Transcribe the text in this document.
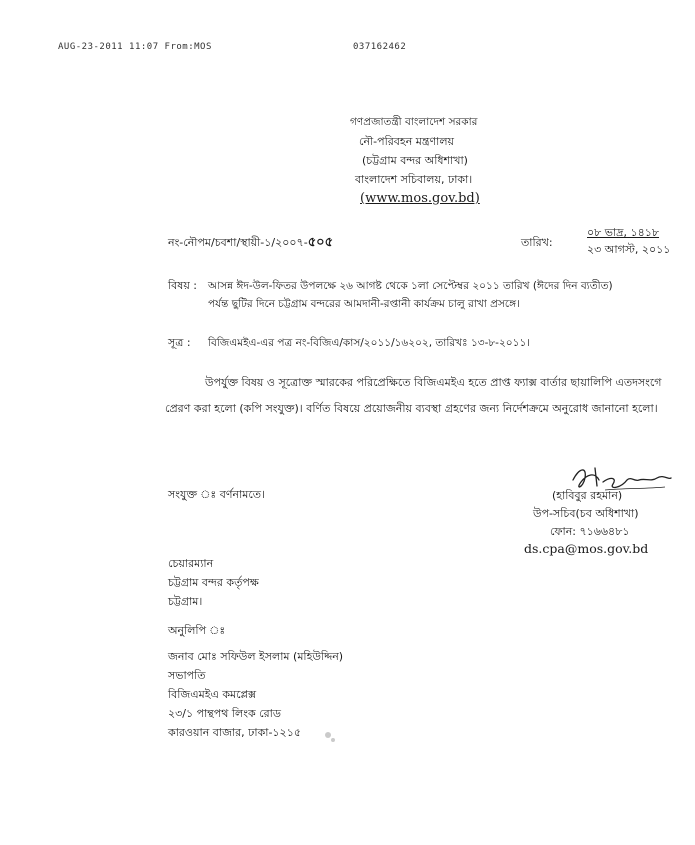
AUG-23-2011 11:07 From:MOS	037162462
গণপ্রজাতন্ত্রী বাংলাদেশ সরকার
নৌ-পরিবহন মন্ত্রণালয়
(চট্টগ্রাম বন্দর অধিশাখা)
বাংলাদেশ সচিবালয়, ঢাকা।
(www.mos.gov.bd)
নং-নৌপম/চবশা/স্থায়ী-১/২০০৭-৫০৫	তারিখ:
০৮ ভাদ্র, ১৪১৮
২৩ আগস্ট, ২০১১
বিষয় : আসন্ন ঈদ-উল-ফিতর উপলক্ষে ২৬ আগষ্ট থেকে ১লা সেপ্টেম্বর ২০১১ তারিখ (ঈদের দিন ব্যতীত)
পর্যন্ত ছুটির দিনে চট্টগ্রাম বন্দরের আমদানী-রপ্তানী কার্যক্রম চালু রাখা প্রসঙ্গে।
সূত্র : বিজিএমইএ-এর পত্র নং-বিজিএ/কাস/২০১১/১৬২০২, তারিখঃ ১৩-৮-২০১১।
উপর্যুক্ত বিষয় ও সূত্রোক্ত স্মারকের পরিপ্রেক্ষিতে বিজিএমইএ হতে প্রাপ্ত ফ্যাক্স বার্তার ছায়ালিপি এতদসংগে প্রেরণ করা হলো (কপি সংযুক্ত)। বর্ণিত বিষয়ে প্রয়োজনীয় ব্যবস্থা গ্রহণের জন্য নির্দেশক্রমে অনুরোধ জানানো হলো।
সংযুক্ত ঃ বর্ণনামতে।	(হাবিবুর রহমান)
উপ-সচিব(চব অধিশাখা)
ফোন: ৭১৬৬৪৮১
ds.cpa@mos.gov.bd
চেয়ারম্যান
চট্টগ্রাম বন্দর কর্তৃপক্ষ
চট্টগ্রাম।
অনুলিপি ঃ
জনাব মোঃ সফিউল ইসলাম (মহিউদ্দিন)
সভাপতি
বিজিএমইএ কমপ্লেক্স
২৩/১ পান্থপথ লিংক রোড
কারওয়ান বাজার, ঢাকা-১২১৫
